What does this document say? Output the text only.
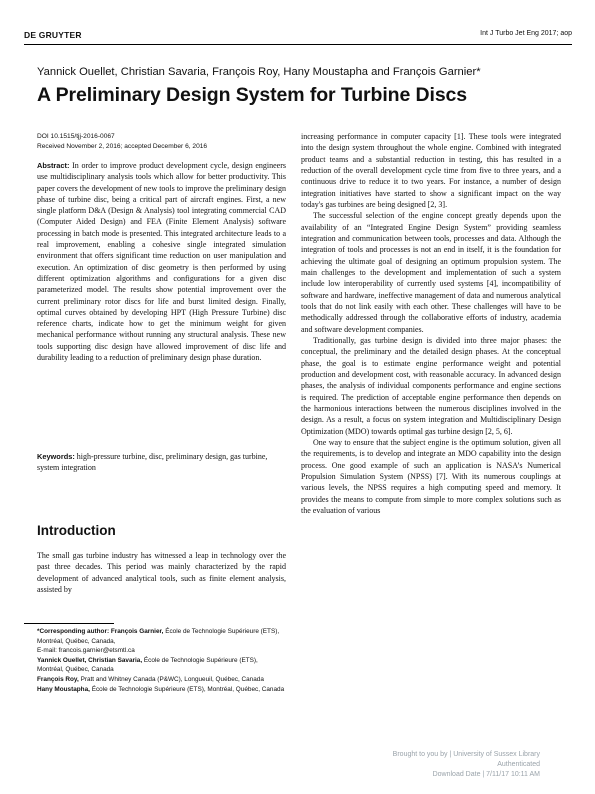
DE GRUYTER	Int J Turbo Jet Eng 2017; aop
Yannick Ouellet, Christian Savaria, François Roy, Hany Moustapha and François Garnier*
A Preliminary Design System for Turbine Discs
DOI 10.1515/tjj-2016-0067
Received November 2, 2016; accepted December 6, 2016
Abstract: In order to improve product development cycle, design engineers use multidisciplinary analysis tools which allow for better productivity. This paper covers the development of new tools to improve the preliminary design phase of turbine disc, being a critical part of aircraft engines. First, a new single platform D&A (Design & Analysis) tool integrating commercial CAD (Computer Aided Design) and FEA (Finite Element Analysis) software processing in batch mode is presented. This integrated architecture leads to a real improvement, enabling a cohesive single integrated simulation environment that offers significant time reduction on user manipulation and execution. An optimization of disc geometry is then performed by using different optimization algorithms and configurations for a given disc parameterized model. The results show potential improvement over the current preliminary rotor discs for life and burst limited design. Finally, optimal curves obtained by developing HPT (High Pressure Turbine) disc reference charts, indicate how to get the minimum weight for given mechanical performance without running any structural analysis. These new tools supporting disc design have allowed improvement of disc life and durability leading to a reduction of preliminary design phase duration.
Keywords: high-pressure turbine, disc, preliminary design, gas turbine, system integration
Introduction
The small gas turbine industry has witnessed a leap in technology over the past three decades. This period was mainly characterized by the rapid development of advanced analytical tools, such as finite element analysis, assisted by

*Corresponding author: François Garnier, École de Technologie Supérieure (ETS), Montréal, Québec, Canada,

E-mail: francois.garnier@etsmtl.ca

Yannick Ouellet, Christian Savaria, École de Technologie Supérieure (ETS), Montréal, Québec, Canada

François Roy, Pratt and Whitney Canada (P&WC), Longueuil, Québec, Canada

Hany Moustapha, École de Technologie Supérieure (ETS), Montréal, Québec, Canada

increasing performance in computer capacity [1]. These tools were integrated into the design system throughout the whole engine. Combined with integrated product teams and a substantial reduction in testing, this has resulted in a reduction of the overall development cycle time from five to three years, and a continuous drive to reduce it to two years. For instance, a number of design integration initiatives have started to show a significant impact on the way today's gas turbines are being designed [2, 3].

The successful selection of the engine concept greatly depends upon the availability of an “Integrated Engine Design System” providing seamless integration and communication between tools, processes and data. Although the integration of tools and processes is not an end in itself, it is the foundation for achieving the ultimate goal of designing an optimum propulsion system. The main challenges to the development and implementation of such a system include low interoperability of currently used systems [4], incompatibility of software and hardware, ineffective management of data and numerous analytical tools that do not link easily with each other. These challenges will have to be methodically addressed through the collaborative efforts of industry, academia and software development companies.

Traditionally, gas turbine design is divided into three major phases: the conceptual, the preliminary and the detailed design phases. At the conceptual phase, the goal is to estimate engine performance weight and potential production and development cost, with reasonable accuracy. In advanced design phases, the analysis of individual components performance and engine sections is required. The prediction of acceptable engine performance then depends on the harmonious interactions between the numerous disciplines involved in the design. As a result, a focus on system integration and Multidisciplinary Design Optimization (MDO) towards optimal gas turbine design [2, 5, 6].

One way to ensure that the subject engine is the optimum solution, given all the requirements, is to develop and integrate an MDO capability into the design process. One good example of such an application is NASA’s Numerical Propulsion Simulation System (NPSS) [7]. With its numerous couplings at various levels, the NPSS requires a high computing speed and memory. It provides the means to compute from simple to more complex solutions such as the evaluation of various

Brought to you by | University of Sussex Library
Authenticated
Download Date | 7/11/17 10:11 AM
